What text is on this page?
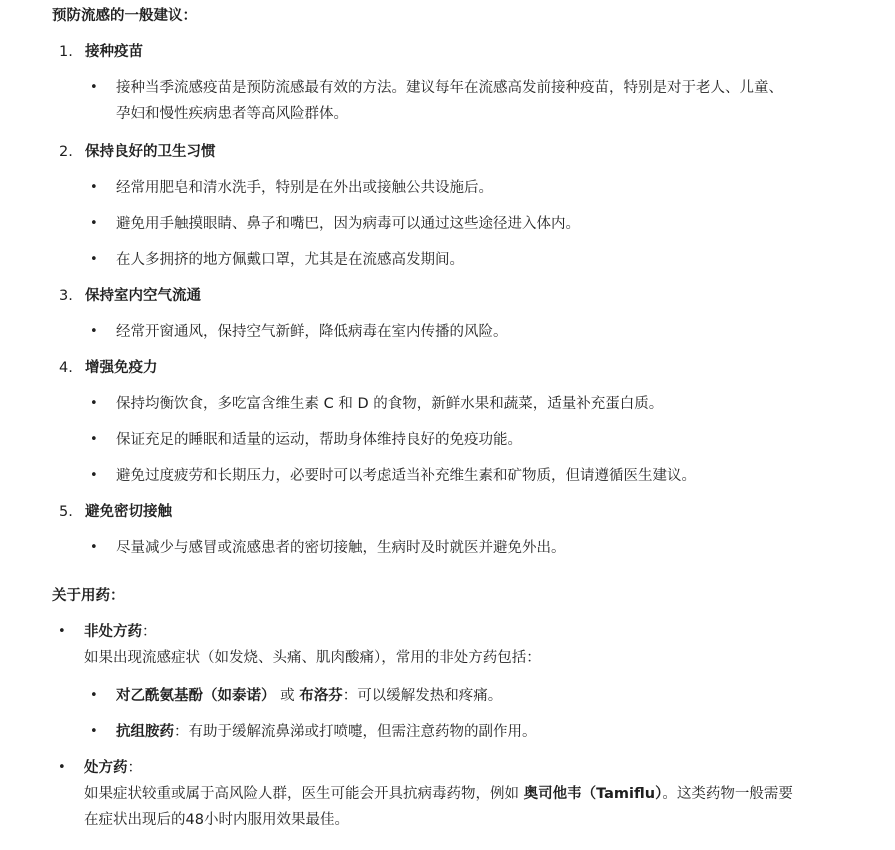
预防流感的一般建议：
1. 接种疫苗
•	接种当季流感疫苗是预防流感最有效的方法。建议每年在流感高发前接种疫苗，特别是对于老人、儿童、孕妇和慢性疾病患者等高风险群体。
2. 保持良好的卫生习惯
•	经常用肥皂和清水洗手，特别是在外出或接触公共设施后。
•	避免用手触摸眼睛、鼻子和嘴巴，因为病毒可以通过这些途径进入体内。
•	在人多拥挤的地方佩戴口罩，尤其是在流感高发期间。
3. 保持室内空气流通
•	经常开窗通风，保持空气新鲜，降低病毒在室内传播的风险。
4. 增强免疫力
•	保持均衡饮食，多吃富含维生素 C 和 D 的食物，新鲜水果和蔬菜，适量补充蛋白质。
•	保证充足的睡眠和适量的运动，帮助身体维持良好的免疫功能。
•	避免过度疲劳和长期压力，必要时可以考虑适当补充维生素和矿物质，但请遵循医生建议。
5. 避免密切接触
•	尽量减少与感冒或流感患者的密切接触，生病时及时就医并避免外出。
关于用药：
•	非处方药：
如果出现流感症状（如发烧、头痛、肌肉酸痛），常用的非处方药包括：
•	对乙酰氨基酚（如泰诺） 或 布洛芬：可以缓解发热和疼痛。
•	抗组胺药：有助于缓解流鼻涕或打喷嚏，但需注意药物的副作用。
•	处方药：
如果症状较重或属于高风险人群，医生可能会开具抗病毒药物，例如 奥司他韦（Tamiflu）。这类药物一般需要在症状出现后的48小时内服用效果最佳。
